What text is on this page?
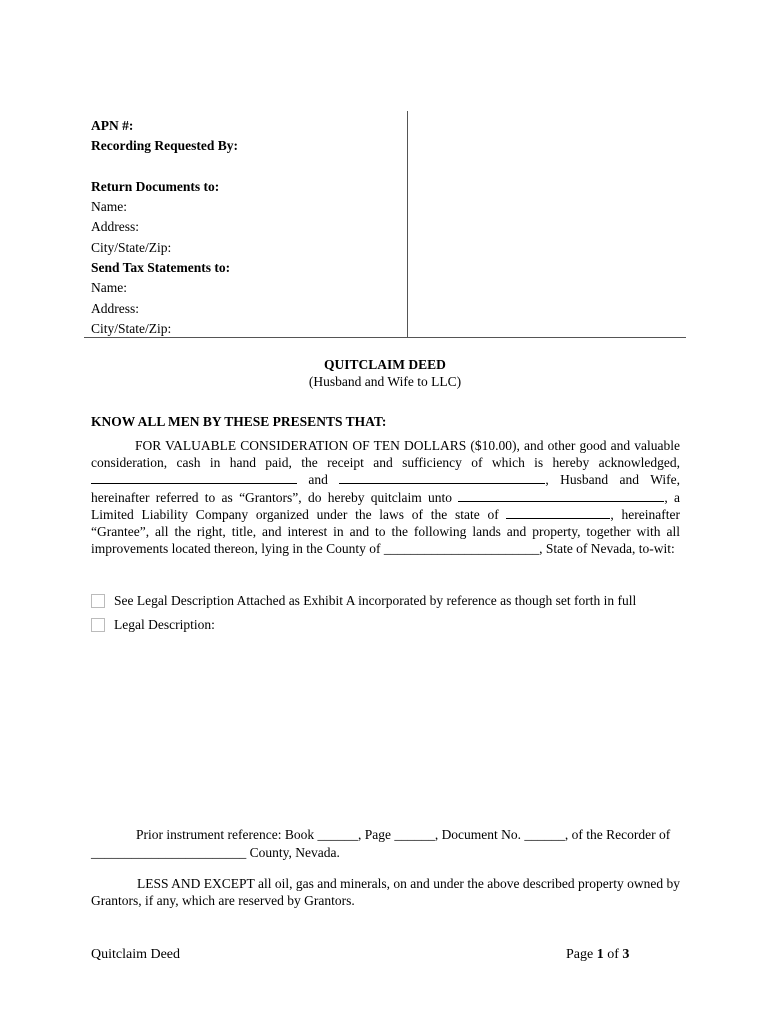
APN #:
Recording Requested By:

Return Documents to:
Name:
Address:
City/State/Zip:
Send Tax Statements to:
Name:
Address:
City/State/Zip:
QUITCLAIM DEED
(Husband and Wife to LLC)
KNOW ALL MEN BY THESE PRESENTS THAT:
FOR VALUABLE CONSIDERATION OF TEN DOLLARS ($10.00), and other good and valuable consideration, cash in hand paid, the receipt and sufficiency of which is hereby acknowledged,  and	, Husband and Wife, hereinafter referred to as “Grantors”, do hereby quitclaim unto	, a Limited Liability Company organized under the laws of the state of	, hereinafter “Grantee”, all the right, title, and interest in and to the following lands and property, together with all improvements located thereon, lying in the County of _______________________, State of Nevada, to-wit:
See Legal Description Attached as Exhibit A incorporated by reference as though set forth in full
Legal Description:
Prior instrument reference: Book ______, Page ______, Document No. ______, of the Recorder of
_______________________ County, Nevada.
LESS AND EXCEPT all oil, gas and minerals, on and under the above described property owned by Grantors, if any, which are reserved by Grantors.
Quitclaim Deed	Page 1 of 3
